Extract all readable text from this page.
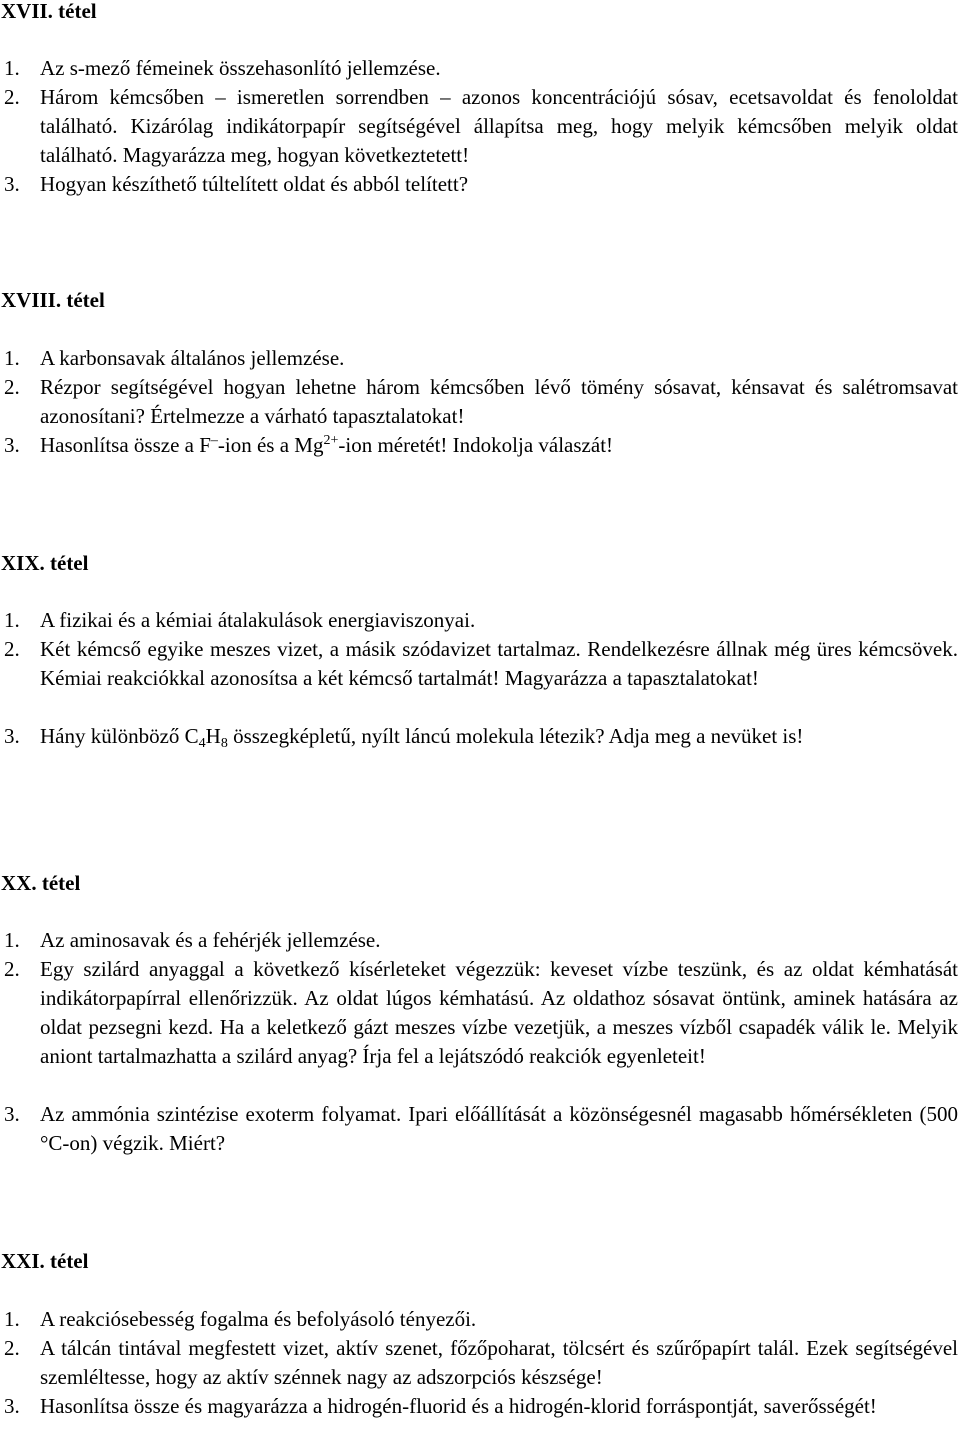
XVII. tétel
1. Az s-mező fémeinek összehasonlító jellemzése.
2. Három kémcsőben – ismeretlen sorrendben – azonos koncentrációjú sósav, ecetsavoldat és fenololdat található. Kizárólag indikátorpapír segítségével állapítsa meg, hogy melyik kémcsőben melyik oldat található. Magyarázza meg, hogyan következtetett!
3. Hogyan készíthető túltelített oldat és abból telített?
XVIII. tétel
1. A karbonsavak általános jellemzése.
2. Rézpor segítségével hogyan lehetne három kémcsőben lévő tömény sósavat, kénsavat és salétromsavat azonosítani? Értelmezze a várható tapasztalatokat!
3. Hasonlítsa össze a F–-ion és a $Mg^{2+}$-ion méretét! Indokolja válaszát!
XIX. tétel
1. A fizikai és a kémiai átalakulások energiaviszonyai.
2. Két kémcső egyike meszes vizet, a másik szódavizet tartalmaz. Rendelkezésre állnak még üres kémcsövek. Kémiai reakciókkal azonosítsa a két kémcső tartalmát! Magyarázza a tapasztalatokat!
3. Hány különböző $C_4H_8$ összegképletű, nyílt láncú molekula létezik? Adja meg a nevüket is!
XX. tétel
1. Az aminosavak és a fehérjék jellemzése.
2. Egy szilárd anyaggal a következő kísérleteket végezzük: keveset vízbe teszünk, és az oldat kémhatását indikátorpapírral ellenőrizzük. Az oldat lúgos kémhatású. Az oldathoz sósavat öntünk, aminek hatására az oldat pezsegni kezd. Ha a keletkező gázt meszes vízbe vezetjük, a meszes vízből csapadék válik le. Melyik aniont tartalmazhatta a szilárd anyag? Írja fel a lejátszódó reakciók egyenleteit!
3. Az ammónia szintézise exoterm folyamat. Ipari előállítását a közönségesnél magasabb hőmérsékleten (500 °C-on) végzik. Miért?
XXI. tétel
1. A reakciósebesség fogalma és befolyásoló tényezői.
2. A tálcán tintával megfestett vizet, aktív szenet, főzőpoharat, tölcsért és szűrőpapírt talál. Ezek segítségével szemléltesse, hogy az aktív szénnek nagy az adszorpciós készsége!
3. Hasonlítsa össze és magyarázza a hidrogén-fluorid és a hidrogén-klorid forráspontját, saverősségét!
